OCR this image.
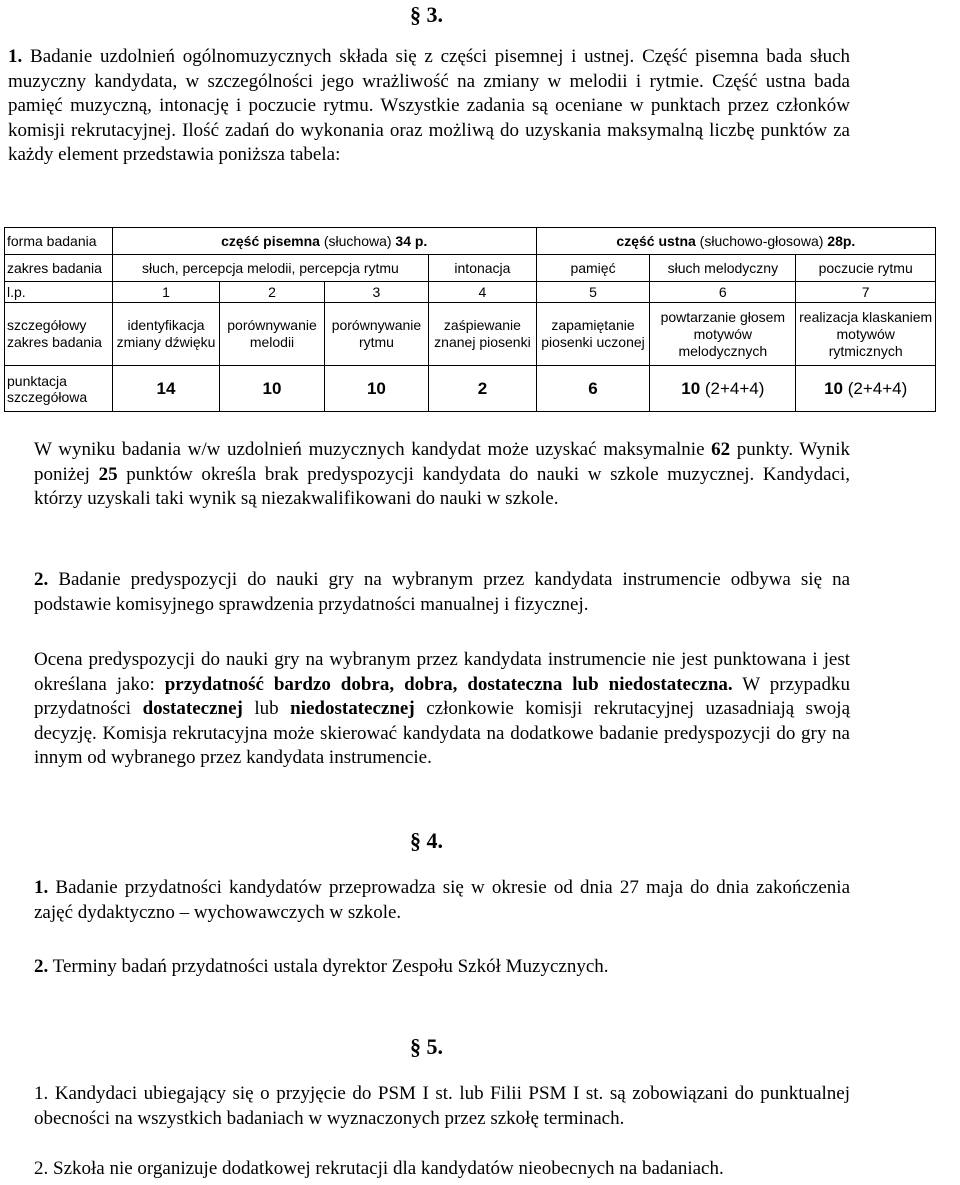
§ 3.
1. Badanie uzdolnień ogólnomuzycznych składa się z części pisemnej i ustnej. Część pisemna bada słuch muzyczny kandydata, w szczególności jego wrażliwość na zmiany w melodii i rytmie. Część ustna bada pamięć muzyczną, intonację i poczucie rytmu. Wszystkie zadania są oceniane w punktach przez członków komisji rekrutacyjnej. Ilość zadań do wykonania oraz możliwą do uzyskania maksymalną liczbę punktów za każdy element przedstawia poniższa tabela:
forma badania	część pisemna (słuchowa) 34 p.				część ustna (słuchowo-głosowa) 28p.		
zakres badania	słuch, percepcja melodii, percepcja rytmu			intonacja	pamięć	słuch melodyczny	poczucie rytmu
l.p.	1	2	3	4	5	6	7
szczegółowy zakres badania	identyfikacja zmiany dźwięku	porównywanie melodii	porównywanie rytmu	zaśpiewanie znanej piosenki	zapamiętanie piosenki uczonej	powtarzanie głosem motywów melodycznych	realizacja klaskaniem motywów rytmicznych
punktacja szczegółowa	14	10	10	2	6	10 (2+4+4)	10 (2+4+4)
W wyniku badania w/w uzdolnień muzycznych kandydat może uzyskać maksymalnie 62 punkty. Wynik poniżej 25 punktów określa brak predyspozycji kandydata do nauki w szkole muzycznej. Kandydaci, którzy uzyskali taki wynik są niezakwalifikowani do nauki w szkole.
2. Badanie predyspozycji do nauki gry na wybranym przez kandydata instrumencie odbywa się na podstawie komisyjnego sprawdzenia przydatności manualnej i fizycznej.
Ocena predyspozycji do nauki gry na wybranym przez kandydata instrumencie nie jest punktowana i jest określana jako: przydatność bardzo dobra, dobra, dostateczna lub niedostateczna. W przypadku przydatności dostatecznej lub niedostatecznej członkowie komisji rekrutacyjnej uzasadniają swoją decyzję. Komisja rekrutacyjna może skierować kandydata na dodatkowe badanie predyspozycji do gry na innym od wybranego przez kandydata instrumencie.
§ 4.
1. Badanie przydatności kandydatów przeprowadza się w okresie od dnia 27 maja do dnia zakończenia zajęć dydaktyczno – wychowawczych w szkole.
2. Terminy badań przydatności ustala dyrektor Zespołu Szkół Muzycznych.
§ 5.
1. Kandydaci ubiegający się o przyjęcie do PSM I st. lub Filii PSM I st. są zobowiązani do punktualnej obecności na wszystkich badaniach w wyznaczonych przez szkołę terminach.
2. Szkoła nie organizuje dodatkowej rekrutacji dla kandydatów nieobecnych na badaniach.
